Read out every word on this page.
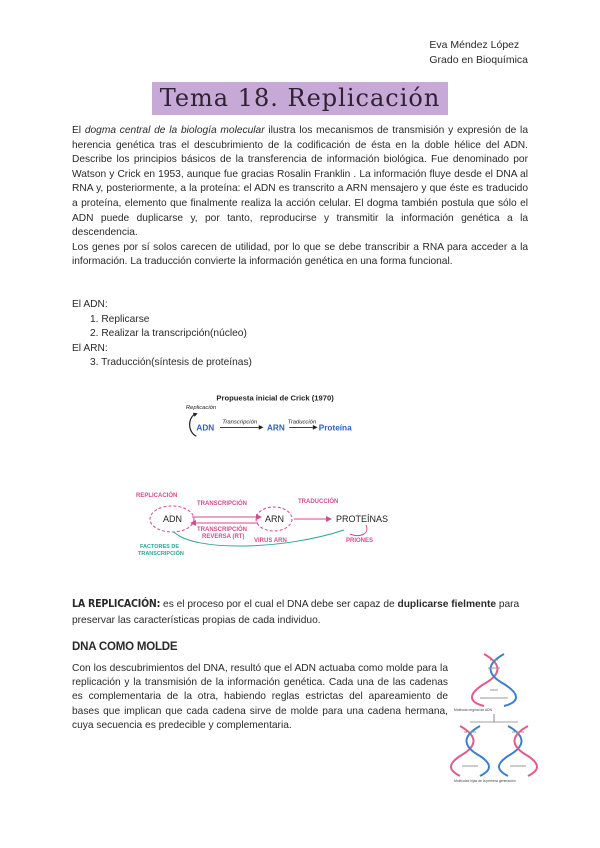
Eva Méndez López
Grado en Bioquímica
Tema 18. Replicación

El dogma central de la biología molecular ilustra los mecanismos de transmisión y expresión de la herencia genética tras el descubrimiento de la codificación de ésta en la doble hélice del ADN. Describe los principios básicos de la transferencia de información biológica. Fue denominado por Watson y Crick en 1953, aunque fue gracias Rosalin Franklin . La información fluye desde el DNA al RNA y, posteriormente, a la proteína: el ADN es transcrito a ARN mensajero y que éste es traducido a proteína, elemento que finalmente realiza la acción celular. El dogma también postula que sólo el ADN puede duplicarse y, por tanto, reproducirse y transmitir la información genética a la descendencia.

Los genes por sí solos carecen de utilidad, por lo que se debe transcribir a RNA para acceder a la información. La traducción convierte la información genética en una forma funcional.

El ADN:
1. Replicarse
2. Realizar la transcripción(núcleo)
El ARN:
3. Traducción(síntesis de proteínas)
Propuesta inicial de Crick (1970)
Replicación
ADN
Transcripción
ARN
Traducción
Proteína
REPLICACIÓN
ADN
TRANSCRIPCIÓN
TRANSCRIPCIÓN
REVERSA (RT)
ARN
TRADUCCIÓN
PROTEÍNAS
PRIONES
VIRUS ARN
FACTORES DE
TRANSCRIPCIÓN
LA REPLICACIÓN: es el proceso por el cual el DNA debe ser capaz de duplicarse fielmente para preservar las características propias de cada individuo.
DNA COMO MOLDE
Con los descubrimientos del DNA, resultó que el ADN actuaba como molde para la replicación y la transmisión de la información genética. Cada una de las cadenas es complementaria de la otra, habiendo reglas estrictas del apareamiento de bases que implican que cada cadena sirve de molde para una cadena hermana, cuya secuencia es predecible y complementaria.
Molécula original de ADN
Moléculas hijas de la primera generación
